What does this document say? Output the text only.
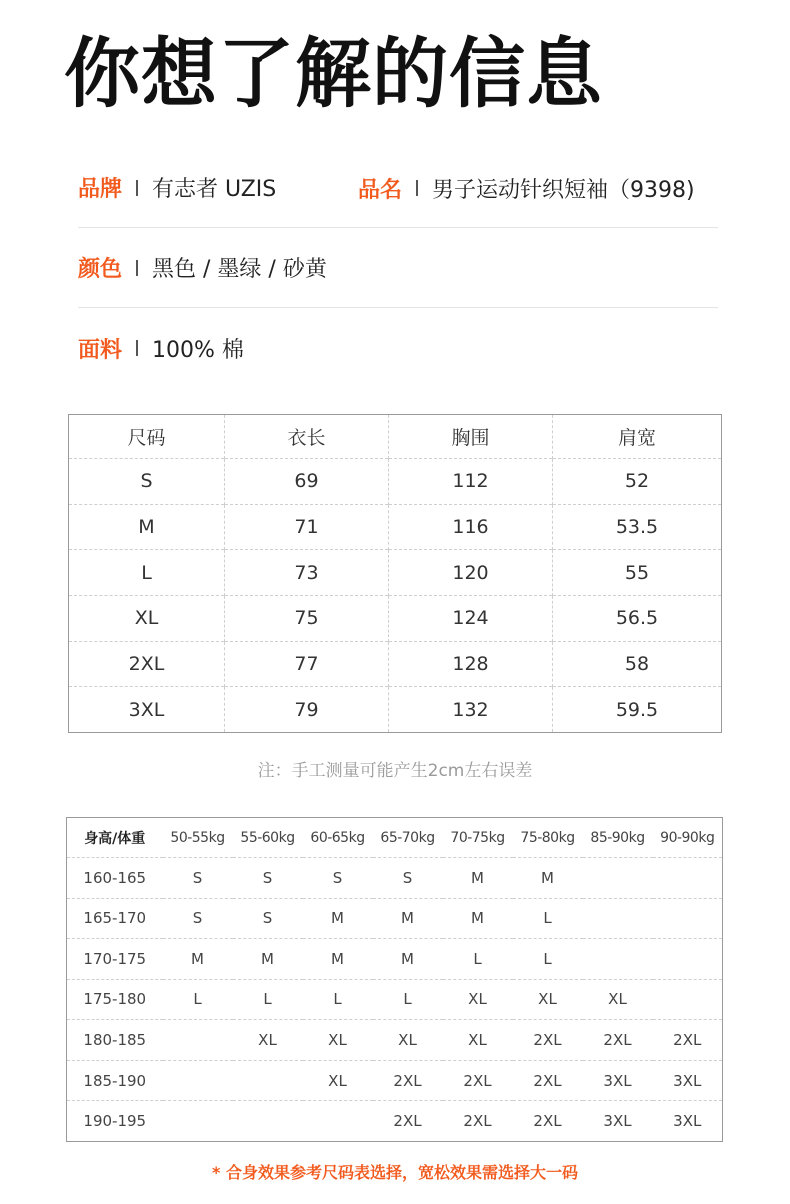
你想了解的信息
品牌 有志者 UZIS	品名 男子运动针织短袖（9398)
颜色 黑色 / 墨绿 / 砂黄
面料 100% 棉
尺码	衣长	胸围	肩宽
S	69	112	52
M	71	116	53.5
L	73	120	55
XL	75	124	56.5
2XL	77	128	58
3XL	79	132	59.5
注：手工测量可能产生2cm左右误差
身高/体重	50-55kg	55-60kg	60-65kg	65-70kg	70-75kg	75-80kg	85-90kg	90-90kg
160-165	S	S	S	S	M	M		
165-170	S	S	M	M	M	L		
170-175	M	M	M	M	L	L		
175-180	L	L	L	L	XL	XL	XL	
180-185		XL	XL	XL	XL	2XL	2XL	2XL
185-190			XL	2XL	2XL	2XL	3XL	3XL
190-195				2XL	2XL	2XL	3XL	3XL
* 合身效果参考尺码表选择，宽松效果需选择大一码
